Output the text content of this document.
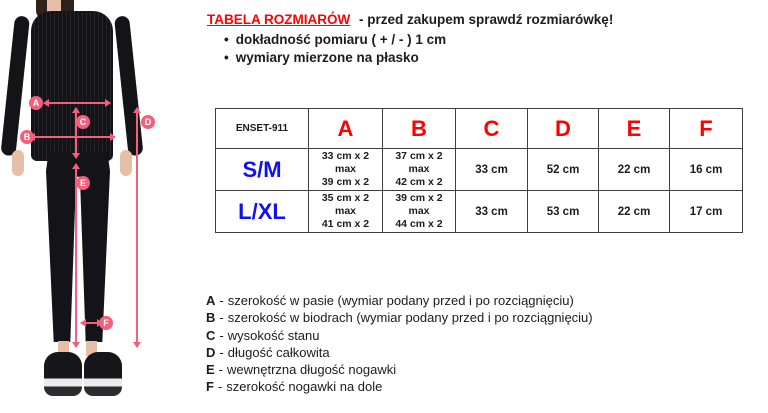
A
B
C	D
E
F
TABELA ROZMIARÓW - przed zakupem sprawdź rozmiarówkę!
• dokładność pomiaru ( + / - ) 1 cm
• wymiary mierzone na płasko
ENSET-911	A	B	C	D	E	F
S/M	33 cm x 2
max
39 cm x 2	37 cm x 2
max
42 cm x 2	33 cm	52 cm	22 cm	16 cm
L/XL	35 cm x 2
max
41 cm x 2	39 cm x 2
max
44 cm x 2	33 cm	53 cm	22 cm	17 cm
A - szerokość w pasie (wymiar podany przed i po rozciągnięciu)
B - szerokość w biodrach (wymiar podany przed i po rozciągnięciu)
C - wysokość stanu
D - długość całkowita
E - wewnętrzna długość nogawki
F - szerokość nogawki na dole
